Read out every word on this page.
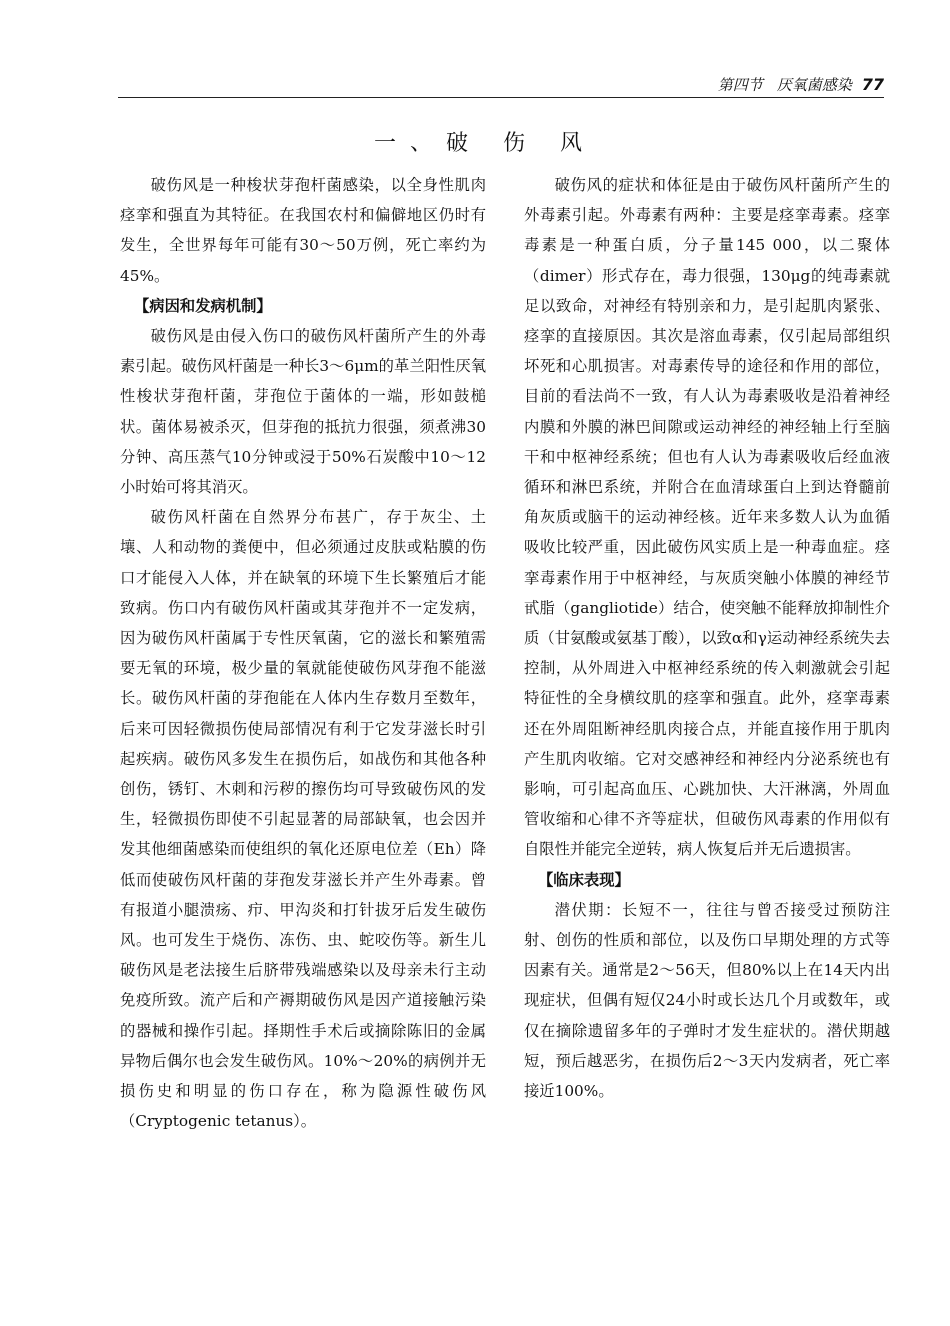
第四节 厌氧菌感染 77
一、破 伤 风

破伤风是一种梭状芽孢杆菌感染，以全身性肌肉痉挛和强直为其特征。在我国农村和偏僻地区仍时有发生，全世界每年可能有30～50万例，死亡率约为45%。

【病因和发病机制】

破伤风是由侵入伤口的破伤风杆菌所产生的外毒素引起。破伤风杆菌是一种长3～6μm的革兰阳性厌氧性梭状芽孢杆菌，芽孢位于菌体的一端，形如鼓槌状。菌体易被杀灭，但芽孢的抵抗力很强，须煮沸30分钟、高压蒸气10分钟或浸于50%石炭酸中10～12小时始可将其消灭。

破伤风杆菌在自然界分布甚广，存于灰尘、土壤、人和动物的粪便中，但必须通过皮肤或粘膜的伤口才能侵入人体，并在缺氧的环境下生长繁殖后才能致病。伤口内有破伤风杆菌或其芽孢并不一定发病，因为破伤风杆菌属于专性厌氧菌，它的滋长和繁殖需要无氧的环境，极少量的氧就能使破伤风芽孢不能滋长。破伤风杆菌的芽孢能在人体内生存数月至数年，后来可因轻微损伤使局部情况有利于它发芽滋长时引起疾病。破伤风多发生在损伤后，如战伤和其他各种创伤，锈钉、木刺和污秽的擦伤均可导致破伤风的发生，轻微损伤即使不引起显著的局部缺氧，也会因并发其他细菌感染而使组织的氧化还原电位差（Eh）降低而使破伤风杆菌的芽孢发芽滋长并产生外毒素。曾有报道小腿溃疡、疖、甲沟炎和打针拔牙后发生破伤风。也可发生于烧伤、冻伤、虫、蛇咬伤等。新生儿破伤风是老法接生后脐带残端感染以及母亲未行主动免疫所致。流产后和产褥期破伤风是因产道接触污染的器械和操作引起。择期性手术后或摘除陈旧的金属异物后偶尔也会发生破伤风。10%～20%的病例并无损伤史和明显的伤口存在，称为隐源性破伤风（Cryptogenic tetanus）。

破伤风的症状和体征是由于破伤风杆菌所产生的外毒素引起。外毒素有两种：主要是痉挛毒素。痉挛毒素是一种蛋白质，分子量145 000，以二聚体（dimer）形式存在，毒力很强，130μg的纯毒素就足以致命，对神经有特别亲和力，是引起肌肉紧张、痉挛的直接原因。其次是溶血毒素，仅引起局部组织坏死和心肌损害。对毒素传导的途径和作用的部位，目前的看法尚不一致，有人认为毒素吸收是沿着神经内膜和外膜的淋巴间隙或运动神经的神经轴上行至脑干和中枢神经系统；但也有人认为毒素吸收后经血液循环和淋巴系统，并附合在血清球蛋白上到达脊髓前角灰质或脑干的运动神经核。近年来多数人认为血循吸收比较严重，因此破伤风实质上是一种毒血症。痉挛毒素作用于中枢神经，与灰质突触小体膜的神经节甙脂（gangliotide）结合，使突触不能释放抑制性介质（甘氨酸或氨基丁酸），以致α和γ运动神经系统失去控制，从外周进入中枢神经系统的传入刺激就会引起特征性的全身横纹肌的痉挛和强直。此外，痉挛毒素还在外周阻断神经肌肉接合点，并能直接作用于肌肉产生肌肉收缩。它对交感神经和神经内分泌系统也有影响，可引起高血压、心跳加快、大汗淋漓，外周血管收缩和心律不齐等症状，但破伤风毒素的作用似有自限性并能完全逆转，病人恢复后并无后遗损害。

【临床表现】

潜伏期：长短不一，往往与曾否接受过预防注射、创伤的性质和部位，以及伤口早期处理的方式等因素有关。通常是2～56天，但80%以上在14天内出现症状，但偶有短仅24小时或长达几个月或数年，或仅在摘除遗留多年的子弹时才发生症状的。潜伏期越短，预后越恶劣，在损伤后2～3天内发病者，死亡率接近100%。
